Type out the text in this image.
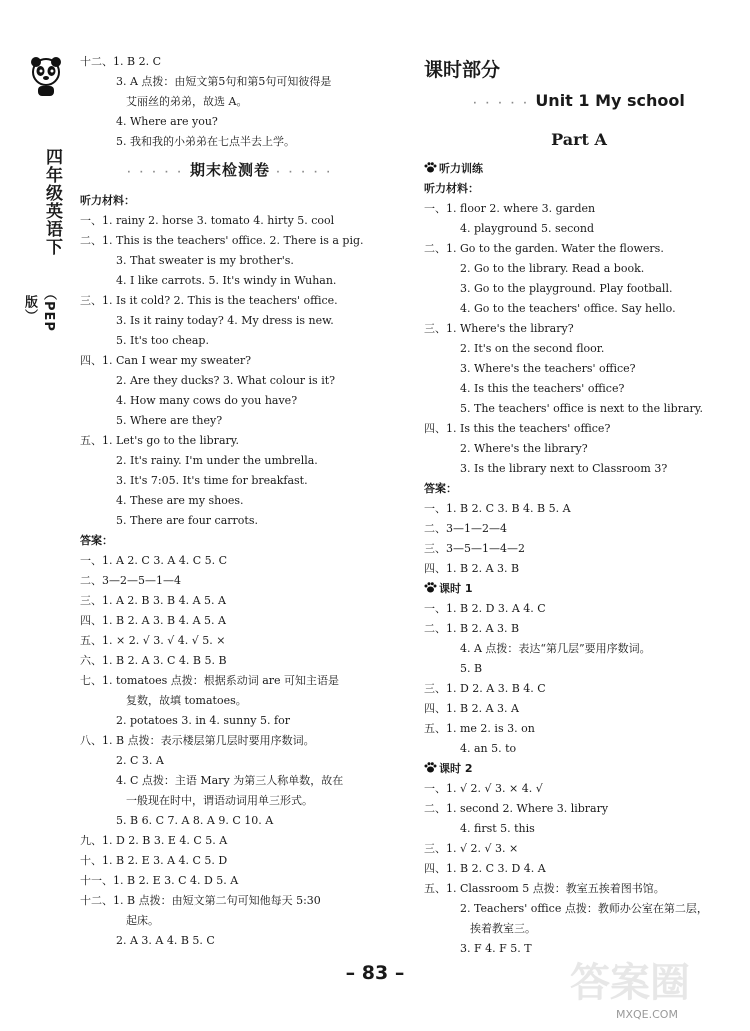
四年级英语下
（PEP 版）
十二、1. B 2. C
3. A 点拨：由短文第5句和第5句可知彼得是
艾丽丝的弟弟，故选 A。
4. Where are you?
5. 我和我的小弟弟在七点半去上学。
· · · · · 期末检测卷 · · · · ·
听力材料：
一、1. rainy 2. horse 3. tomato 4. hirty 5. cool
二、1. This is the teachers' office. 2. There is a pig.
3. That sweater is my brother's.
4. I like carrots. 5. It's windy in Wuhan.
三、1. Is it cold? 2. This is the teachers' office.
3. Is it rainy today? 4. My dress is new.
5. It's too cheap.
四、1. Can I wear my sweater?
2. Are they ducks? 3. What colour is it?
4. How many cows do you have?
5. Where are they?
五、1. Let's go to the library.
2. It's rainy. I'm under the umbrella.
3. It's 7:05. It's time for breakfast.
4. These are my shoes.
5. There are four carrots.
答案：
一、1. A 2. C 3. A 4. C 5. C
二、3—2—5—1—4
三、1. A 2. B 3. B 4. A 5. A
四、1. B 2. A 3. B 4. A 5. A
五、1. × 2. √ 3. √ 4. √ 5. ×
六、1. B 2. A 3. C 4. B 5. B
七、1. tomatoes 点拨：根据系动词 are 可知主语是
复数，故填 tomatoes。
2. potatoes 3. in 4. sunny 5. for
八、1. B 点拨：表示楼层第几层时要用序数词。
2. C 3. A
4. C 点拨：主语 Mary 为第三人称单数，故在
一般现在时中，谓语动词用单三形式。
5. B 6. C 7. A 8. A 9. C 10. A
九、1. D 2. B 3. E 4. C 5. A
十、1. B 2. E 3. A 4. C 5. D
十一、1. B 2. E 3. C 4. D 5. A
十二、1. B 点拨：由短文第二句可知他每天 5:30
起床。
2. A 3. A 4. B 5. C
课时部分
· · · · · Unit 1 My school
Part A
听力训练
听力材料：
一、1. floor 2. where 3. garden
4. playground 5. second
二、1. Go to the garden. Water the flowers.
2. Go to the library. Read a book.
3. Go to the playground. Play football.
4. Go to the teachers' office. Say hello.
三、1. Where's the library?
2. It's on the second floor.
3. Where's the teachers' office?
4. Is this the teachers' office?
5. The teachers' office is next to the library.
四、1. Is this the teachers' office?
2. Where's the library?
3. Is the library next to Classroom 3?
答案：
一、1. B 2. C 3. B 4. B 5. A
二、3—1—2—4
三、3—5—1—4—2
四、1. B 2. A 3. B
课时 1
一、1. B 2. D 3. A 4. C
二、1. B 2. A 3. B
4. A 点拨：表达“第几层”要用序数词。
5. B
三、1. D 2. A 3. B 4. C
四、1. B 2. A 3. A
五、1. me 2. is 3. on
4. an 5. to
课时 2
一、1. √ 2. √ 3. × 4. √
二、1. second 2. Where 3. library
4. first 5. this
三、1. √ 2. √ 3. ×
四、1. B 2. C 3. D 4. A
五、1. Classroom 5 点拨：教室五挨着图书馆。
2. Teachers' office 点拨：教师办公室在第二层，
挨着教室三。
3. F 4. F 5. T
– 83 –	答案圈
MXQE.COM
